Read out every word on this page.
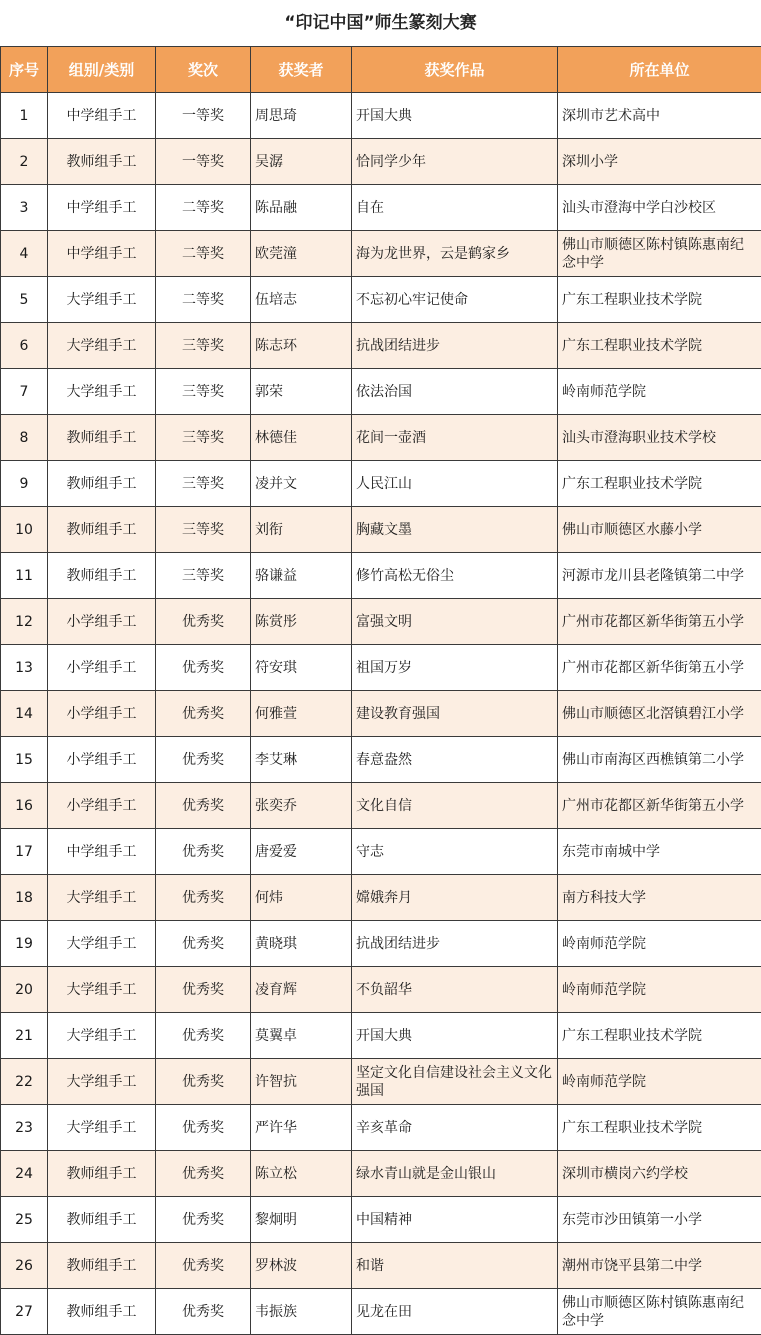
“印记中国”师生篆刻大赛
序号	组别/类别	奖次	获奖者	获奖作品	所在单位
1	中学组手工	一等奖	周思琦	开国大典	深圳市艺术高中
2	教师组手工	一等奖	吴潺	恰同学少年	深圳小学
3	中学组手工	二等奖	陈品融	自在	汕头市澄海中学白沙校区
4	中学组手工	二等奖	欧莞潼	海为龙世界，云是鹤家乡	佛山市顺德区陈村镇陈惠南纪念中学
5	大学组手工	二等奖	伍培志	不忘初心牢记使命	广东工程职业技术学院
6	大学组手工	三等奖	陈志环	抗战团结进步	广东工程职业技术学院
7	大学组手工	三等奖	郭荣	依法治国	岭南师范学院
8	教师组手工	三等奖	林德佳	花间一壶酒	汕头市澄海职业技术学校
9	教师组手工	三等奖	凌并文	人民江山	广东工程职业技术学院
10	教师组手工	三等奖	刘衔	胸藏文墨	佛山市顺德区水藤小学
11	教师组手工	三等奖	骆谦益	修竹高松无俗尘	河源市龙川县老隆镇第二中学
12	小学组手工	优秀奖	陈赏彤	富强文明	广州市花都区新华街第五小学
13	小学组手工	优秀奖	符安琪	祖国万岁	广州市花都区新华街第五小学
14	小学组手工	优秀奖	何雅萱	建设教育强国	佛山市顺德区北滘镇碧江小学
15	小学组手工	优秀奖	李艾琳	春意盎然	佛山市南海区西樵镇第二小学
16	小学组手工	优秀奖	张奕乔	文化自信	广州市花都区新华街第五小学
17	中学组手工	优秀奖	唐爱爱	守志	东莞市南城中学
18	大学组手工	优秀奖	何炜	嫦娥奔月	南方科技大学
19	大学组手工	优秀奖	黄晓琪	抗战团结进步	岭南师范学院
20	大学组手工	优秀奖	凌育辉	不负韶华	岭南师范学院
21	大学组手工	优秀奖	莫翼卓	开国大典	广东工程职业技术学院
22	大学组手工	优秀奖	许智抗	坚定文化自信建设社会主义文化强国	岭南师范学院
23	大学组手工	优秀奖	严许华	辛亥革命	广东工程职业技术学院
24	教师组手工	优秀奖	陈立松	绿水青山就是金山银山	深圳市横岗六约学校
25	教师组手工	优秀奖	黎炯明	中国精神	东莞市沙田镇第一小学
26	教师组手工	优秀奖	罗林波	和谐	潮州市饶平县第二中学
27	教师组手工	优秀奖	韦振族	见龙在田	佛山市顺德区陈村镇陈惠南纪念中学
